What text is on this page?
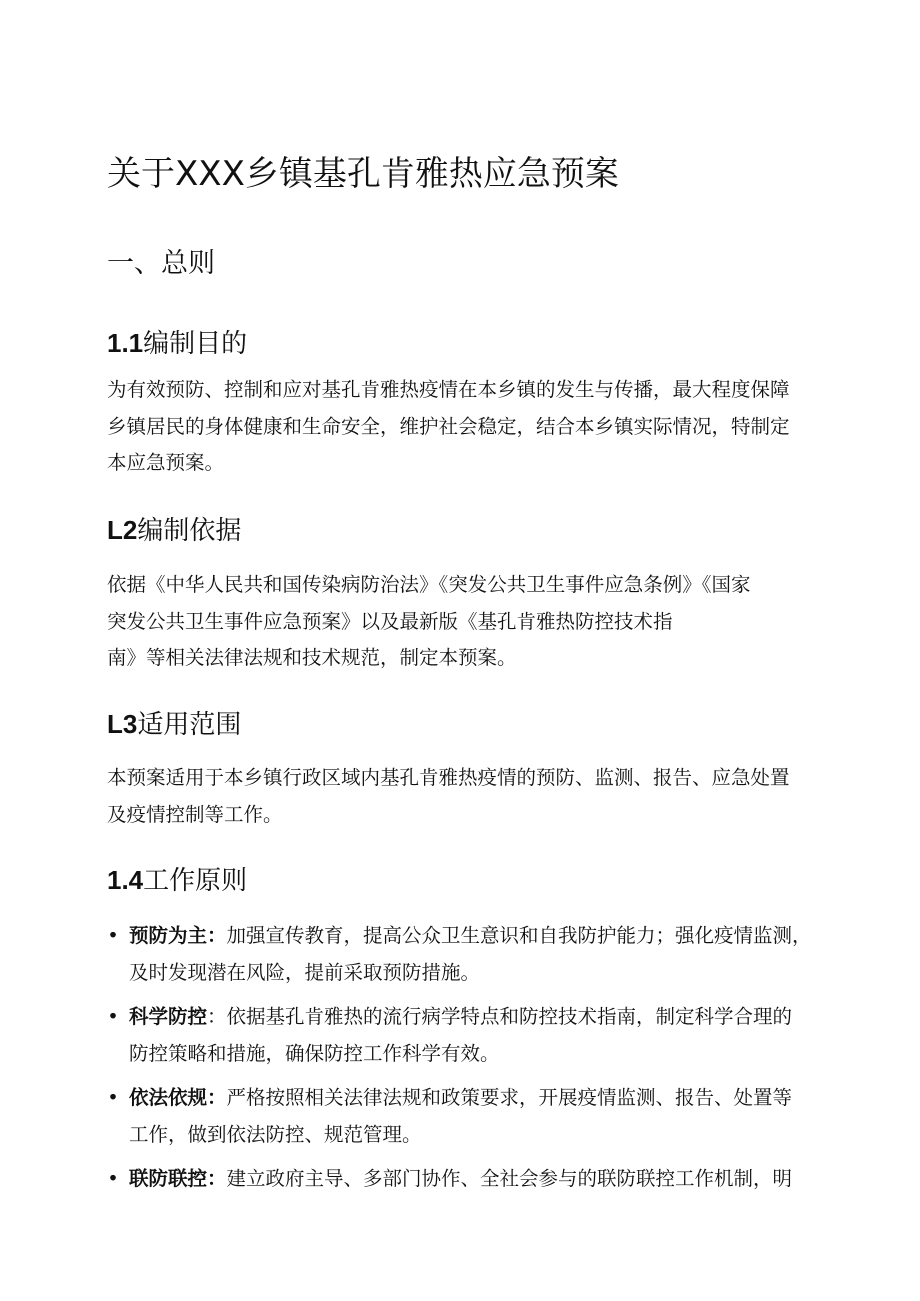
关于XXX乡镇基孔肯雅热应急预案
一、总则
1.1编制目的

为有效预防、控制和应对基孔肯雅热疫情在本乡镇的发生与传播，最大程度保障
乡镇居民的身体健康和生命安全，维护社会稳定，结合本乡镇实际情况，特制定
本应急预案。

L2编制依据

依据《中华人民共和国传染病防治法》《突发公共卫生事件应急条例》《国家
突发公共卫生事件应急预案》以及最新版《基孔肯雅热防控技术指
南》等相关法律法规和技术规范，制定本预案。

L3适用范围

本预案适用于本乡镇行政区域内基孔肯雅热疫情的预防、监测、报告、应急处置
及疫情控制等工作。

1.4工作原则
• 预防为主：加强宣传教育，提高公众卫生意识和自我防护能力；强化疫情监测，
及时发现潜在风险，提前采取预防措施。
• 科学防控：依据基孔肯雅热的流行病学特点和防控技术指南，制定科学合理的
防控策略和措施，确保防控工作科学有效。
• 依法依规：严格按照相关法律法规和政策要求，开展疫情监测、报告、处置等
工作，做到依法防控、规范管理。
• 联防联控：建立政府主导、多部门协作、全社会参与的联防联控工作机制，明
